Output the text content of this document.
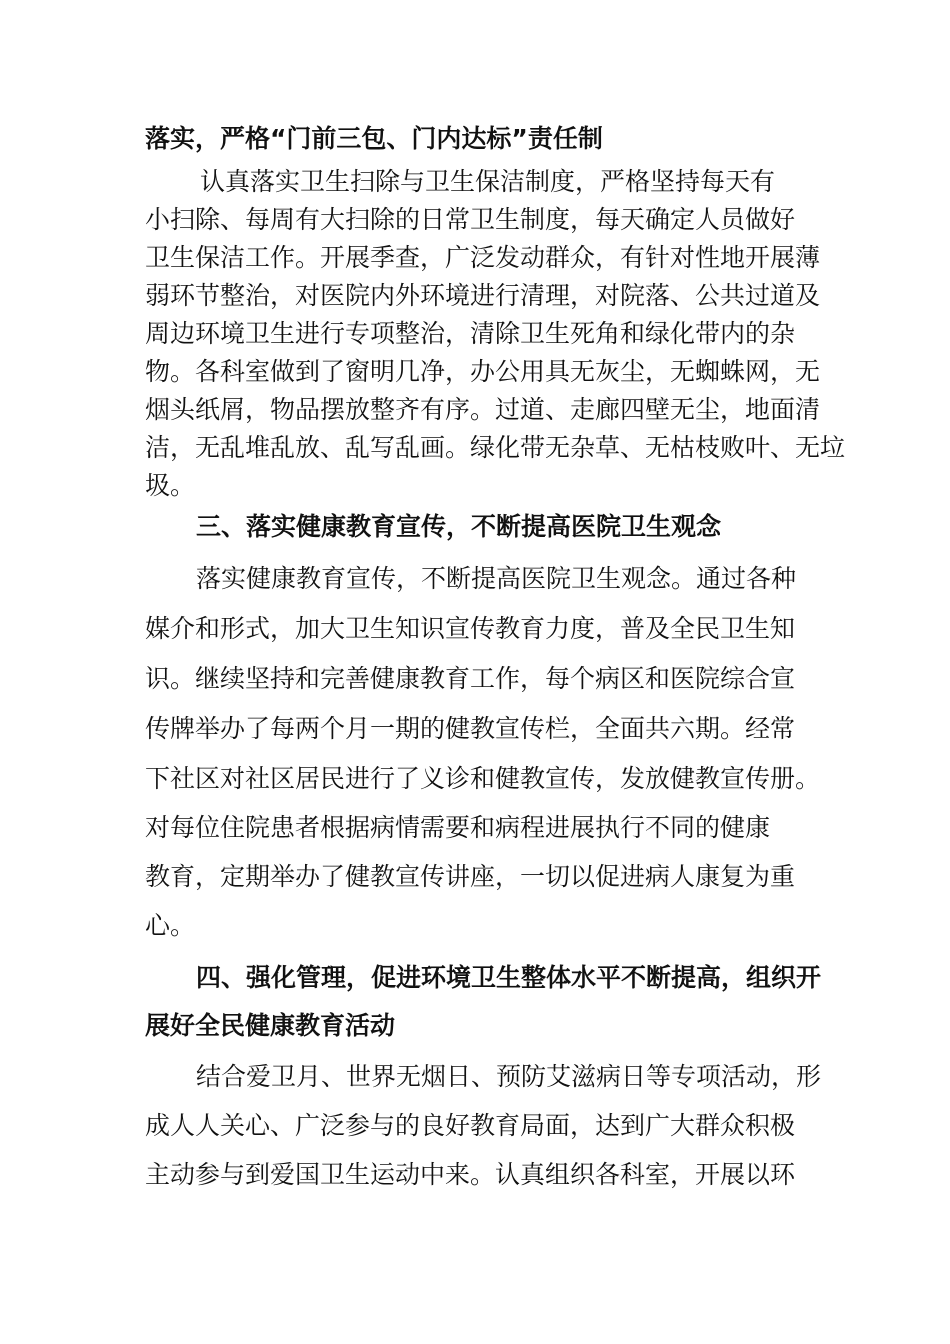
落实，严格“门前三包、门内达标”责任制
认真落实卫生扫除与卫生保洁制度，严格坚持每天有
小扫除、每周有大扫除的日常卫生制度，每天确定人员做好
卫生保洁工作。开展季查，广泛发动群众，有针对性地开展薄
弱环节整治，对医院内外环境进行清理，对院落、公共过道及
周边环境卫生进行专项整治，清除卫生死角和绿化带内的杂
物。各科室做到了窗明几净，办公用具无灰尘，无蜘蛛网，无
烟头纸屑，物品摆放整齐有序。过道、走廊四壁无尘，地面清
洁，无乱堆乱放、乱写乱画。绿化带无杂草、无枯枝败叶、无垃
圾。
三、落实健康教育宣传，不断提高医院卫生观念
落实健康教育宣传，不断提高医院卫生观念。通过各种
媒介和形式，加大卫生知识宣传教育力度，普及全民卫生知
识。继续坚持和完善健康教育工作，每个病区和医院综合宣
传牌举办了每两个月一期的健教宣传栏，全面共六期。经常
下社区对社区居民进行了义诊和健教宣传，发放健教宣传册。
对每位住院患者根据病情需要和病程进展执行不同的健康
教育，定期举办了健教宣传讲座，一切以促进病人康复为重
心。
四、强化管理，促进环境卫生整体水平不断提高，组织开
展好全民健康教育活动
结合爱卫月、世界无烟日、预防艾滋病日等专项活动，形
成人人关心、广泛参与的良好教育局面，达到广大群众积极
主动参与到爱国卫生运动中来。认真组织各科室，开展以环
